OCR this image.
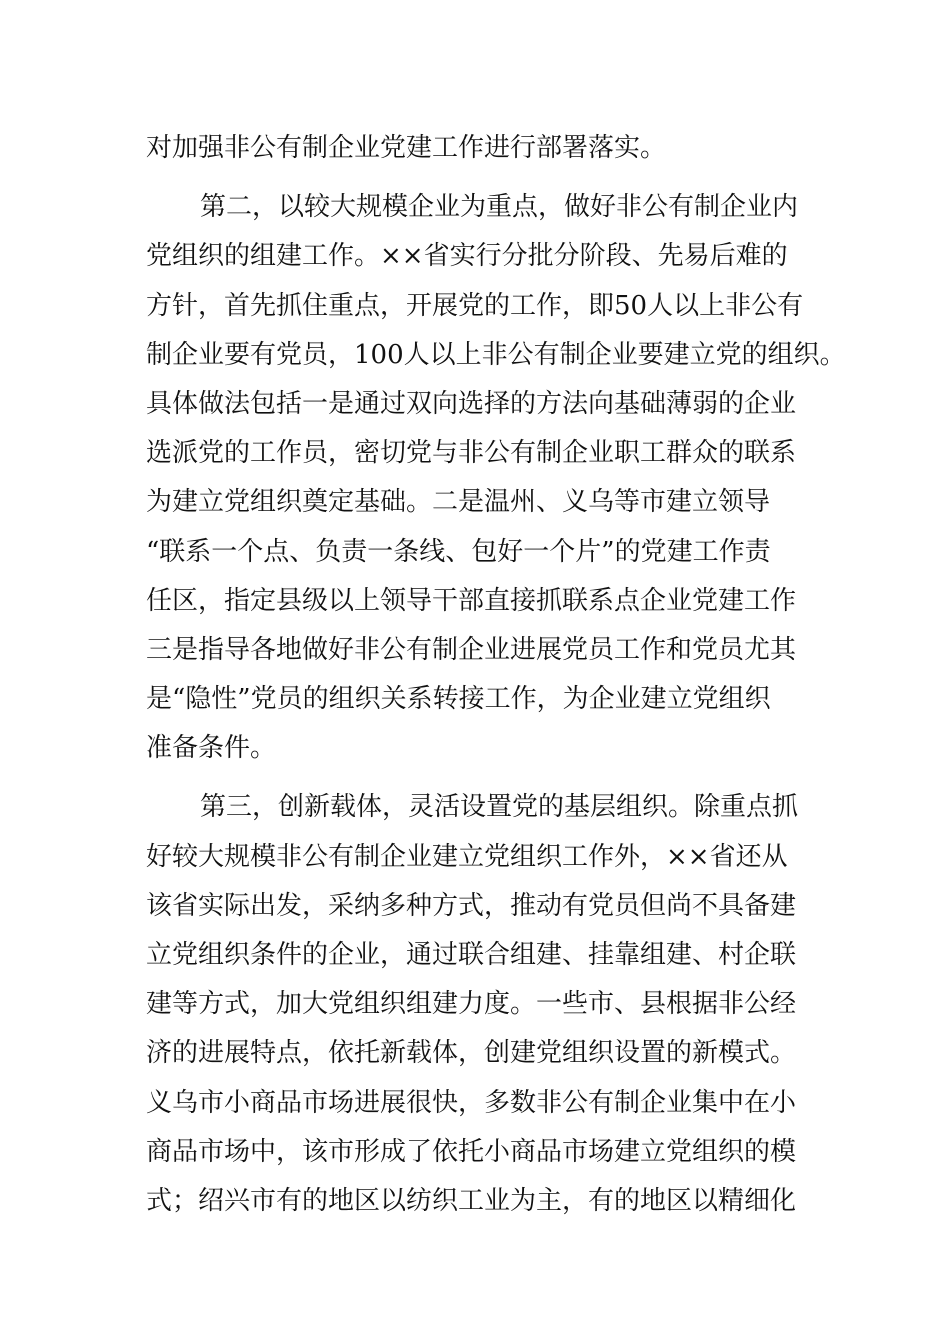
对加强非公有制企业党建工作进行部署落实。
第二，以较大规模企业为重点，做好非公有制企业内
党组织的组建工作。××省实行分批分阶段、先易后难的
方针，首先抓住重点，开展党的工作，即50人以上非公有
制企业要有党员，100人以上非公有制企业要建立党的组织。
具体做法包括一是通过双向选择的方法向基础薄弱的企业
选派党的工作员，密切党与非公有制企业职工群众的联系
为建立党组织奠定基础。二是温州、义乌等市建立领导
“联系一个点、负责一条线、包好一个片”的党建工作责
任区，指定县级以上领导干部直接抓联系点企业党建工作
三是指导各地做好非公有制企业进展党员工作和党员尤其
是“隐性”党员的组织关系转接工作，为企业建立党组织
准备条件。
第三，创新载体，灵活设置党的基层组织。除重点抓
好较大规模非公有制企业建立党组织工作外，××省还从
该省实际出发，采纳多种方式，推动有党员但尚不具备建
立党组织条件的企业，通过联合组建、挂靠组建、村企联
建等方式，加大党组织组建力度。一些市、县根据非公经
济的进展特点，依托新载体，创建党组织设置的新模式。
义乌市小商品市场进展很快，多数非公有制企业集中在小
商品市场中，该市形成了依托小商品市场建立党组织的模
式；绍兴市有的地区以纺织工业为主，有的地区以精细化
